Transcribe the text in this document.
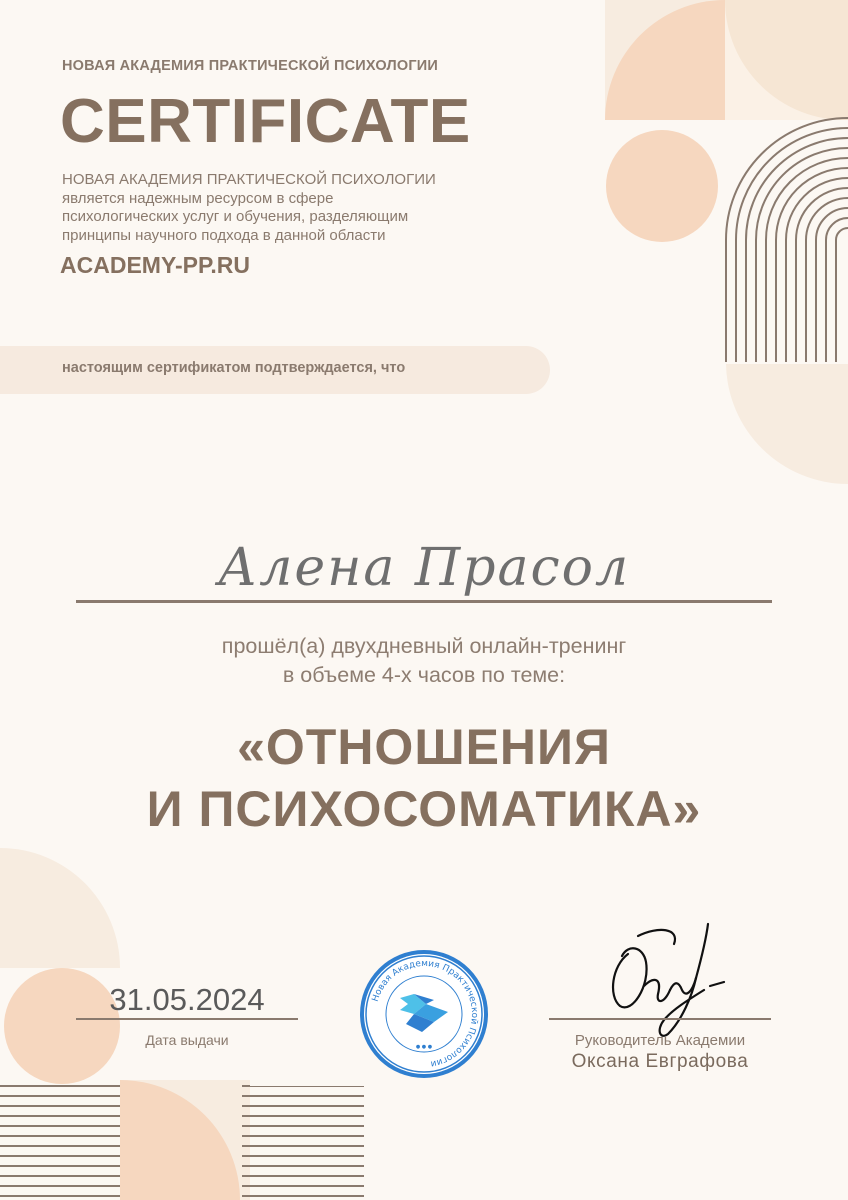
НОВАЯ АКАДЕМИЯ ПРАКТИЧЕСКОЙ ПСИХОЛОГИИ
CERTIFICATE
НОВАЯ АКАДЕМИЯ ПРАКТИЧЕСКОЙ ПСИХОЛОГИИ
является надежным ресурсом в сфере
психологических услуг и обучения, разделяющим
принципы научного подхода в данной области
ACADEMY-PP.RU
настоящим сертификатом подтверждается, что
Алена Прасол
прошёл(а) двухдневный онлайн-тренинг
в объеме 4-х часов по теме:
«ОТНОШЕНИЯ
И ПСИХОСОМАТИКА»
31.05.2024
Дата выдачи
Новая Академия Практической Психологии
● ● ●	Руководитель Академии
Оксана Евграфова
